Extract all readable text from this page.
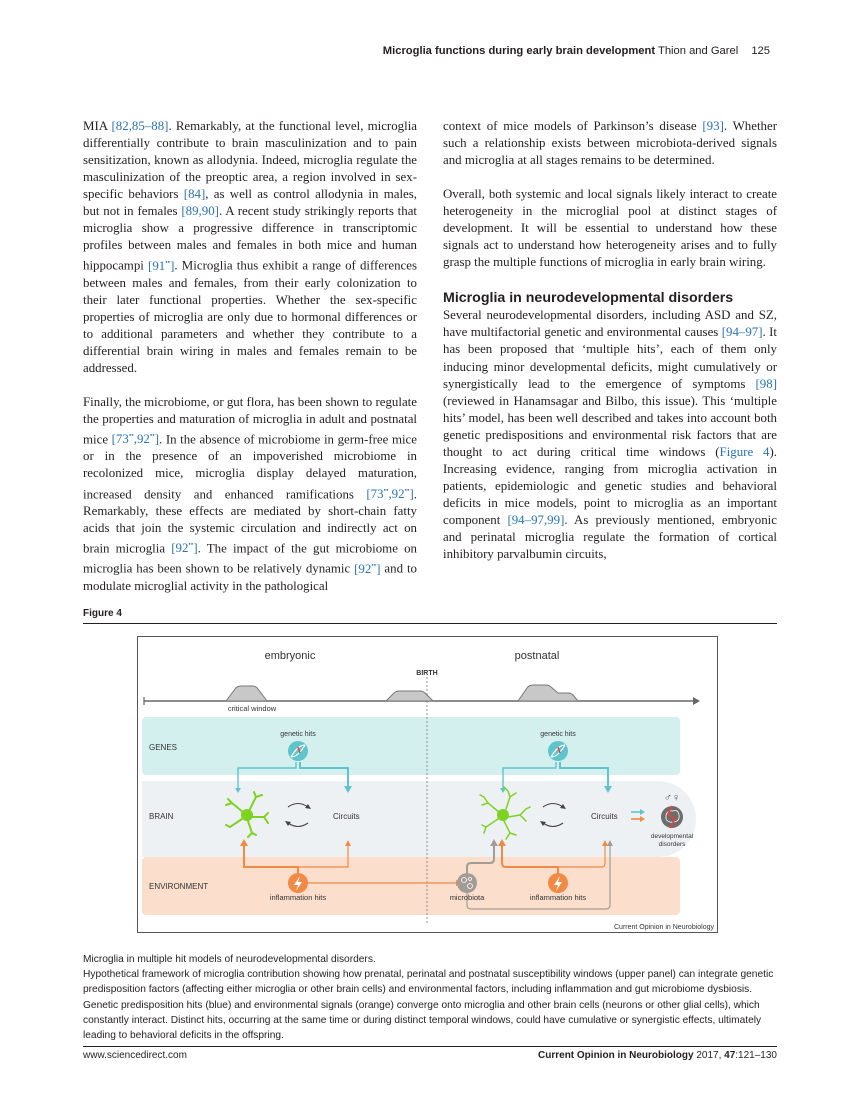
Microglia functions during early brain development Thion and Garel 125

MIA [82,85–88]. Remarkably, at the functional level, microglia differentially contribute to brain masculinization and to pain sensitization, known as allodynia. Indeed, microglia regulate the masculinization of the preoptic area, a region involved in sex-specific behaviors [84], as well as control allodynia in males, but not in females [89,90]. A recent study strikingly reports that microglia show a progressive difference in transcriptomic profiles between males and females in both mice and human hippocampi [91••]. Microglia thus exhibit a range of differences between males and females, from their early colonization to their later functional properties. Whether the sex-specific properties of microglia are only due to hormonal differences or to additional parameters and whether they contribute to a differential brain wiring in males and females remain to be addressed.

Finally, the microbiome, or gut flora, has been shown to regulate the properties and maturation of microglia in adult and postnatal mice [73••,92••]. In the absence of microbiome in germ-free mice or in the presence of an impoverished microbiome in recolonized mice, microglia display delayed maturation, increased density and enhanced ramifications [73••,92••]. Remarkably, these effects are mediated by short-chain fatty acids that join the systemic circulation and indirectly act on brain microglia [92••]. The impact of the gut microbiome on microglia has been shown to be relatively dynamic [92••] and to modulate microglial activity in the pathological

context of mice models of Parkinson’s disease [93]. Whether such a relationship exists between microbiota-derived signals and microglia at all stages remains to be determined.

Overall, both systemic and local signals likely interact to create heterogeneity in the microglial pool at distinct stages of development. It will be essential to understand how these signals act to understand how heterogeneity arises and to fully grasp the multiple functions of microglia in early brain wiring.

Microglia in neurodevelopmental disorders

Several neurodevelopmental disorders, including ASD and SZ, have multifactorial genetic and environmental causes [94–97]. It has been proposed that ‘multiple hits’, each of them only inducing minor developmental deficits, might cumulatively or synergistically lead to the emergence of symptoms [98] (reviewed in Hanamsagar and Bilbo, this issue). This ‘multiple hits’ model, has been well described and takes into account both genetic predispositions and environmental risk factors that are thought to act during critical time windows (Figure 4). Increasing evidence, ranging from microglia activation in patients, epidemiologic and genetic studies and behavioral deficits in mice models, point to microglia as an important component [94–97,99]. As previously mentioned, embryonic and perinatal microglia regulate the formation of cortical inhibitory parvalbumin circuits,

Figure 4
embryonic	postnatal
BIRTH
critical window
GENES
BRAIN
ENVIRONMENT
genetic hits
Circuits
inflammation hits
genetic hits
Circuits
♂♀
developmental
disorders
microbiota	inflammation hits
Current Opinion in Neurobiology
Microglia in multiple hit models of neurodevelopmental disorders.
Hypothetical framework of microglia contribution showing how prenatal, perinatal and postnatal susceptibility windows (upper panel) can integrate genetic predisposition factors (affecting either microglia or other brain cells) and environmental factors, including inflammation and gut microbiome dysbiosis. Genetic predisposition hits (blue) and environmental signals (orange) converge onto microglia and other brain cells (neurons or other glial cells), which constantly interact. Distinct hits, occurring at the same time or during distinct temporal windows, could have cumulative or synergistic effects, ultimately leading to behavioral deficits in the offspring.
www.sciencedirect.com	Current Opinion in Neurobiology 2017, 47:121–130
